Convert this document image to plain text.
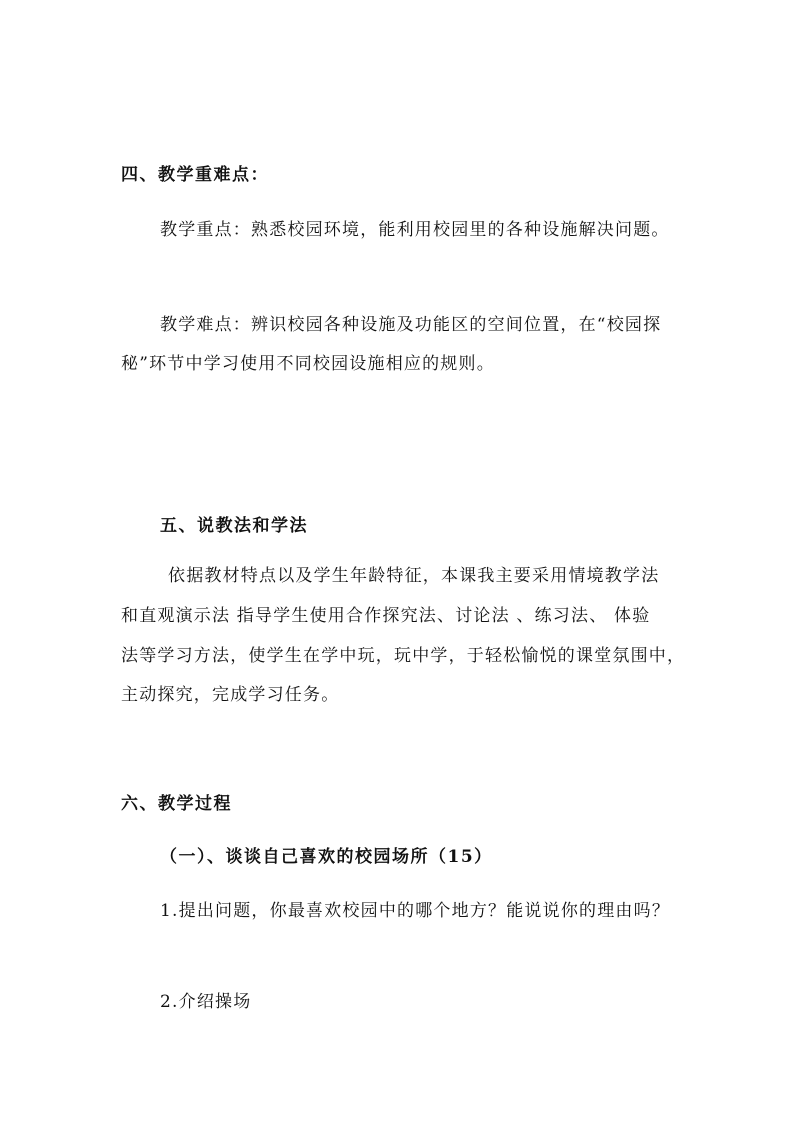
四、教学重难点：
教学重点：熟悉校园环境，能利用校园里的各种设施解决问题。
教学难点：辨识校园各种设施及功能区的空间位置，在“校园探
秘”环节中学习使用不同校园设施相应的规则。
五、说教法和学法
依据教材特点以及学生年龄特征，本课我主要采用情境教学法
和直观演示法 指导学生使用合作探究法、讨论法 、练习法、 体验
法等学习方法，使学生在学中玩，玩中学，于轻松愉悦的课堂氛围中，
主动探究，完成学习任务。
六、教学过程
（一）、谈谈自己喜欢的校园场所（15）
1.提出问题，你最喜欢校园中的哪个地方？能说说你的理由吗？
2.介绍操场
